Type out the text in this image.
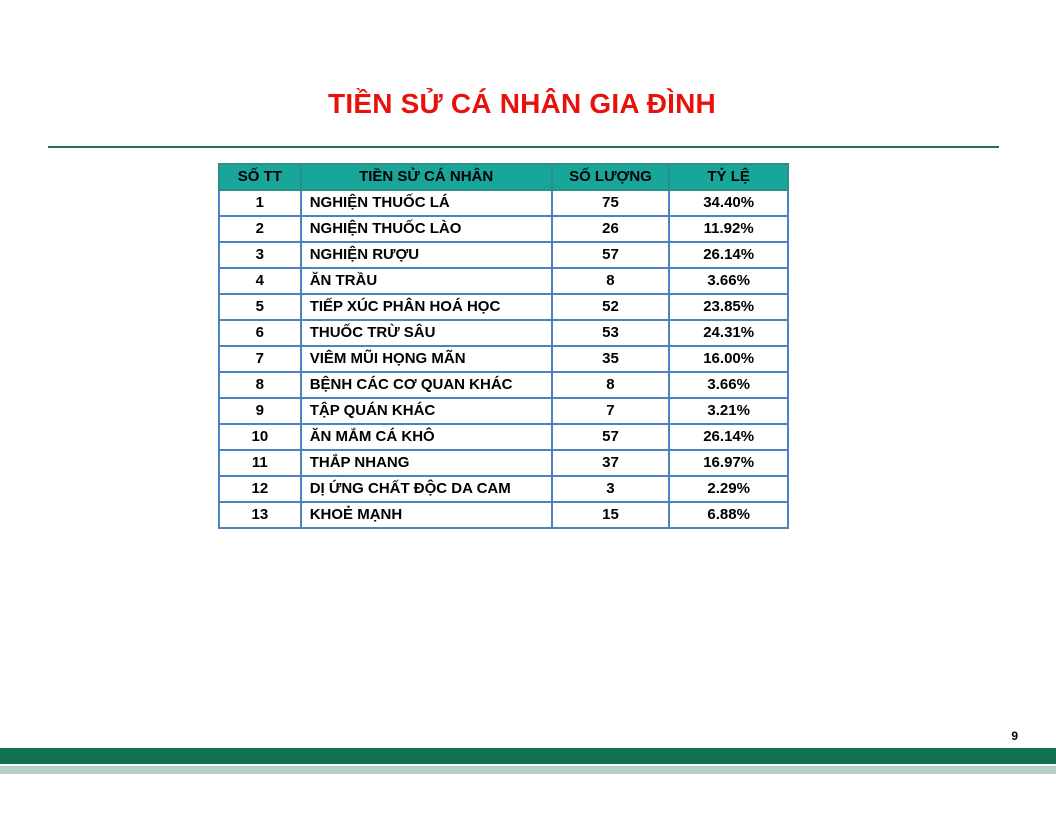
TIỀN SỬ CÁ NHÂN GIA ĐÌNH
SỐ TT	TIỀN SỬ CÁ NHÂN	SỐ LƯỢNG	TỶ LỆ
1	NGHIỆN THUỐC LÁ	75	34.40%
2	NGHIỆN THUỐC LÀO	26	11.92%
3	NGHIỆN RƯỢU	57	26.14%
4	ĂN TRẦU	8	3.66%
5	TIẾP XÚC PHÂN HOÁ HỌC	52	23.85%
6	THUỐC TRỪ SÂU	53	24.31%
7	VIÊM MŨI HỌNG MÃN	35	16.00%
8	BỆNH CÁC CƠ QUAN KHÁC	8	3.66%
9	TẬP QUÁN KHÁC	7	3.21%
10	ĂN MẮM CÁ KHÔ	57	26.14%
11	THẮP NHANG	37	16.97%
12	DỊ ỨNG CHẤT ĐỘC DA CAM	3	2.29%
13	KHOẺ MẠNH	15	6.88%
9
